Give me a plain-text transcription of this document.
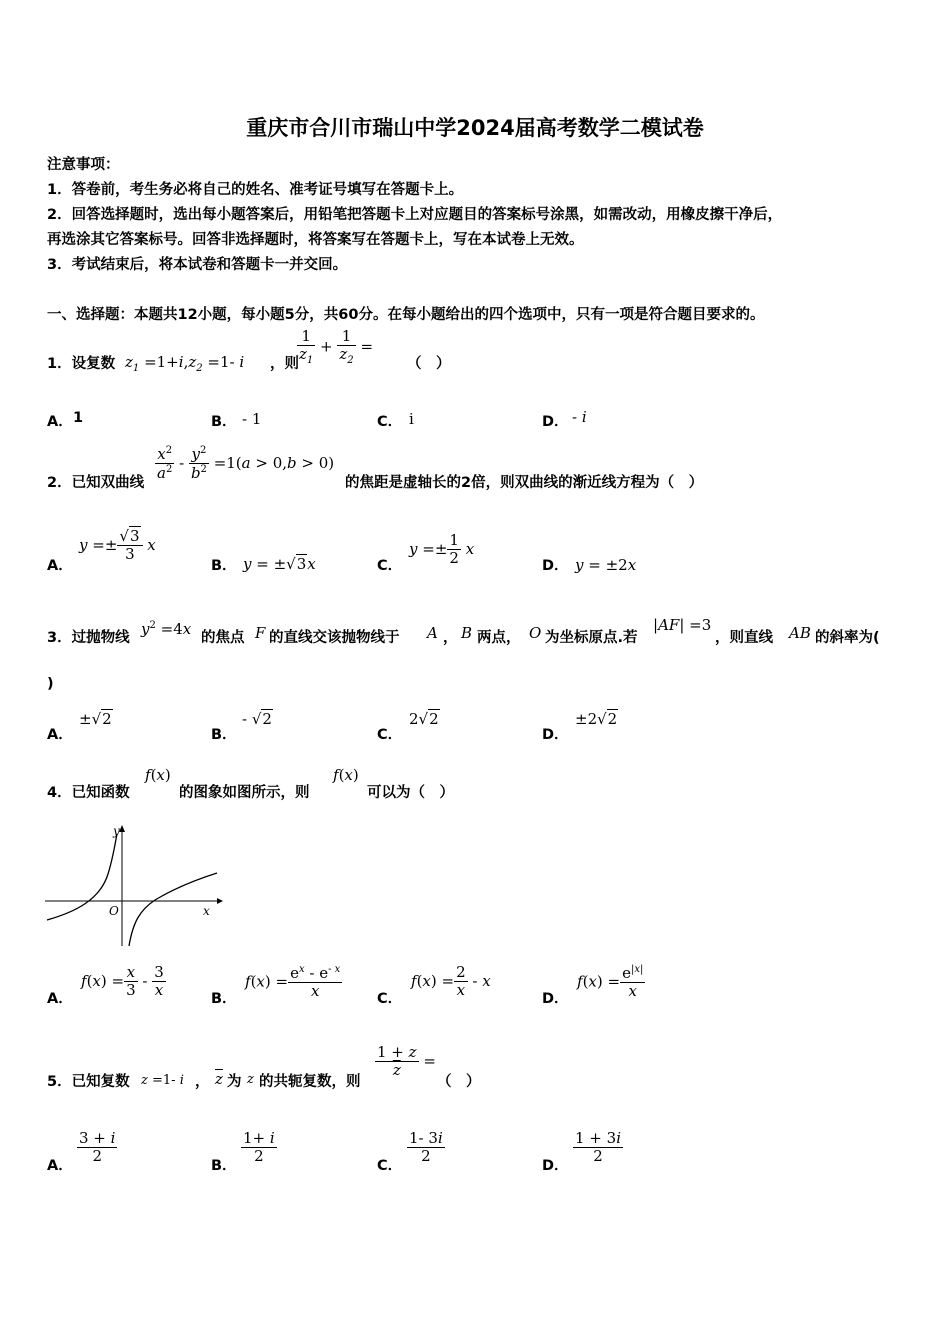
重庆市合川市瑞山中学2024届高考数学二模试卷
注意事项：
1．答卷前，考生务必将自己的姓名、准考证号填写在答题卡上。
2．回答选择题时，选出每小题答案后，用铅笔把答题卡上对应题目的答案标号涂黑，如需改动，用橡皮擦干净后，
再选涂其它答案标号。回答非选择题时，将答案写在答题卡上，写在本试卷上无效。
3．考试结束后，将本试卷和答题卡一并交回。
一、选择题：本题共12小题，每小题5分，共60分。在每小题给出的四个选项中，只有一项是符合题目要求的。
1．设复数 $z_1 =1+i,z_2 =1-$ i ，则
$\frac{1}{z_1} + \frac{1}{z_2}$ =
（　）
A． 1	B． - 1	C． i	D． - i
2．已知双曲线
$\frac{x^2}{a^2} - \frac{y^2}{b^2} =1(a > 0,b > 0)$
的焦距是虚轴长的2倍，则双曲线的渐近线方程为（　）
A．
$y =\pm \frac{√3}{3}$ x
B． y = ±√3x	C．
$y =\pm \frac{1}{2}$ x
D． y = ±2x
3．过抛物线 $y^2 =4x$ 的焦点 F 的直线交该抛物线于 A ， B 两点， O 为坐标原点.若
|AF| =3
，则直线 AB 的斜率为(
)
A．
±√2
B．
- √2
C．
2√2
D．
±2√2
4．已知函数
f(x)
的图象如图所示，则
f(x)
可以为（　）
y
x
O
A．
$f(x) = \frac{x}{3} - \frac{3}{x}$	B．
$f(x) = \frac{e^x - e^{- x}}{x}$ C．
$f(x) = \frac{2}{x} - x$
D．
$f(x) = \frac{e^{|x|}}{x}$
5．已知复数 z =1- i ， $\overline{z}$ 为 z 的共轭复数，则
$\frac{1 + z}{z}$ =
（　）
A．
$\frac{3 + i}{2}$
B．
$\frac{1+ i}{2}$
C．
$\frac{1- 3i}{2}$
D．
$\frac{1 + 3i}{2}$
